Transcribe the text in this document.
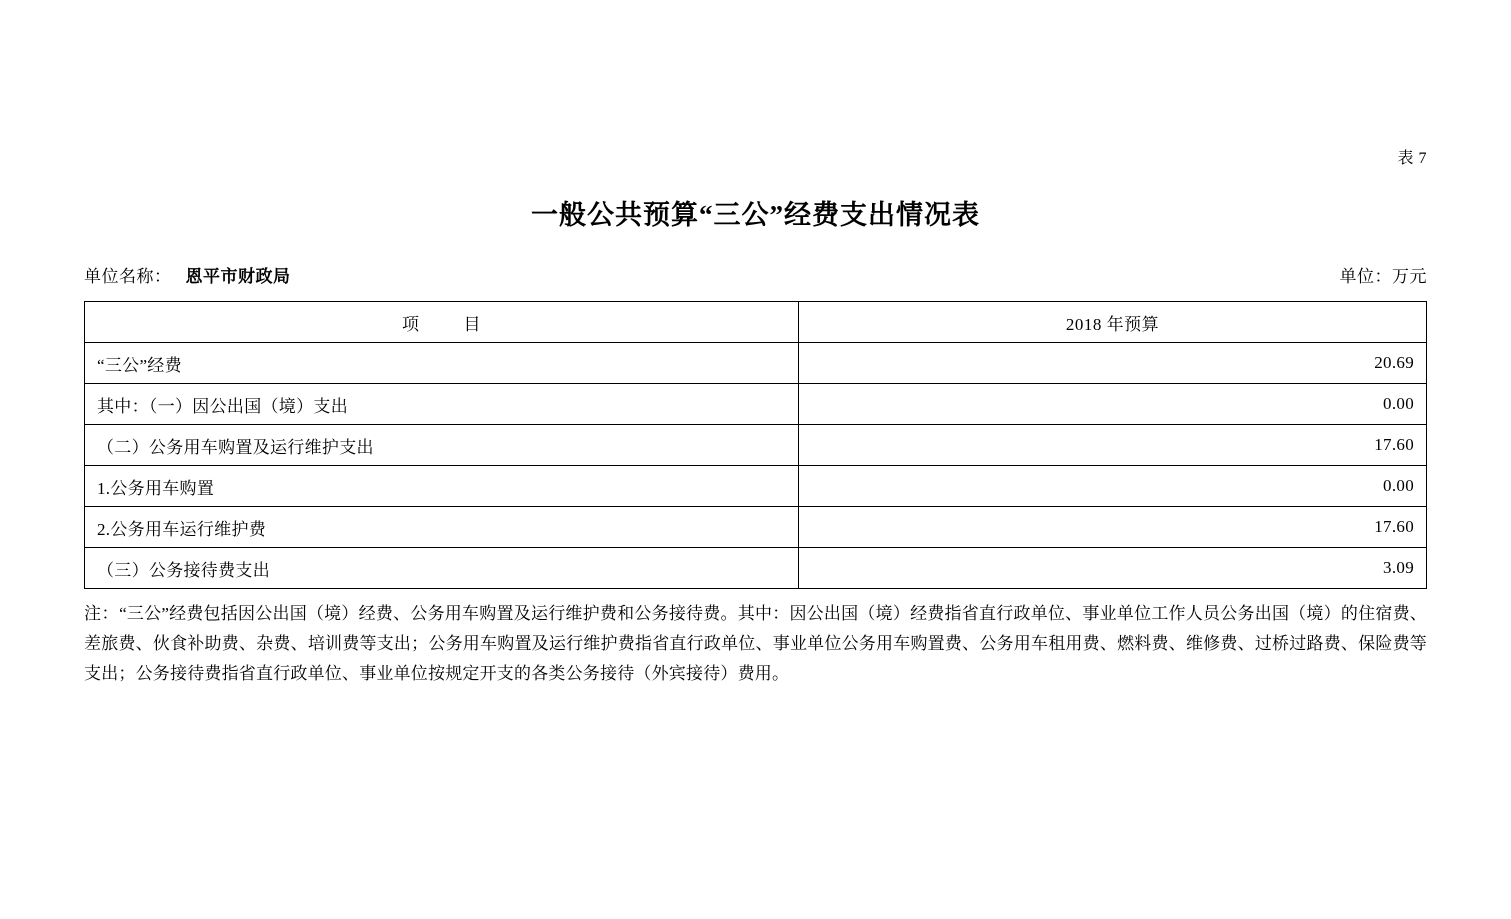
表 7
一般公共预算“三公”经费支出情况表
单位名称： 恩平市财政局	单位：万元
项 目	2018 年预算
“三公”经费	20.69
其中：（一）因公出国（境）支出	0.00
（二）公务用车购置及运行维护支出	17.60
1.公务用车购置	0.00
2.公务用车运行维护费	17.60
（三）公务接待费支出	3.09
注：“三公”经费包括因公出国（境）经费、公务用车购置及运行维护费和公务接待费。其中：因公出国（境）经费指省直行政单位、事业单位工作人员公务出国（境）的住宿费、差旅费、伙食补助费、杂费、培训费等支出；公务用车购置及运行维护费指省直行政单位、事业单位公务用车购置费、公务用车租用费、燃料费、维修费、过桥过路费、保险费等支出；公务接待费指省直行政单位、事业单位按规定开支的各类公务接待（外宾接待）费用。
